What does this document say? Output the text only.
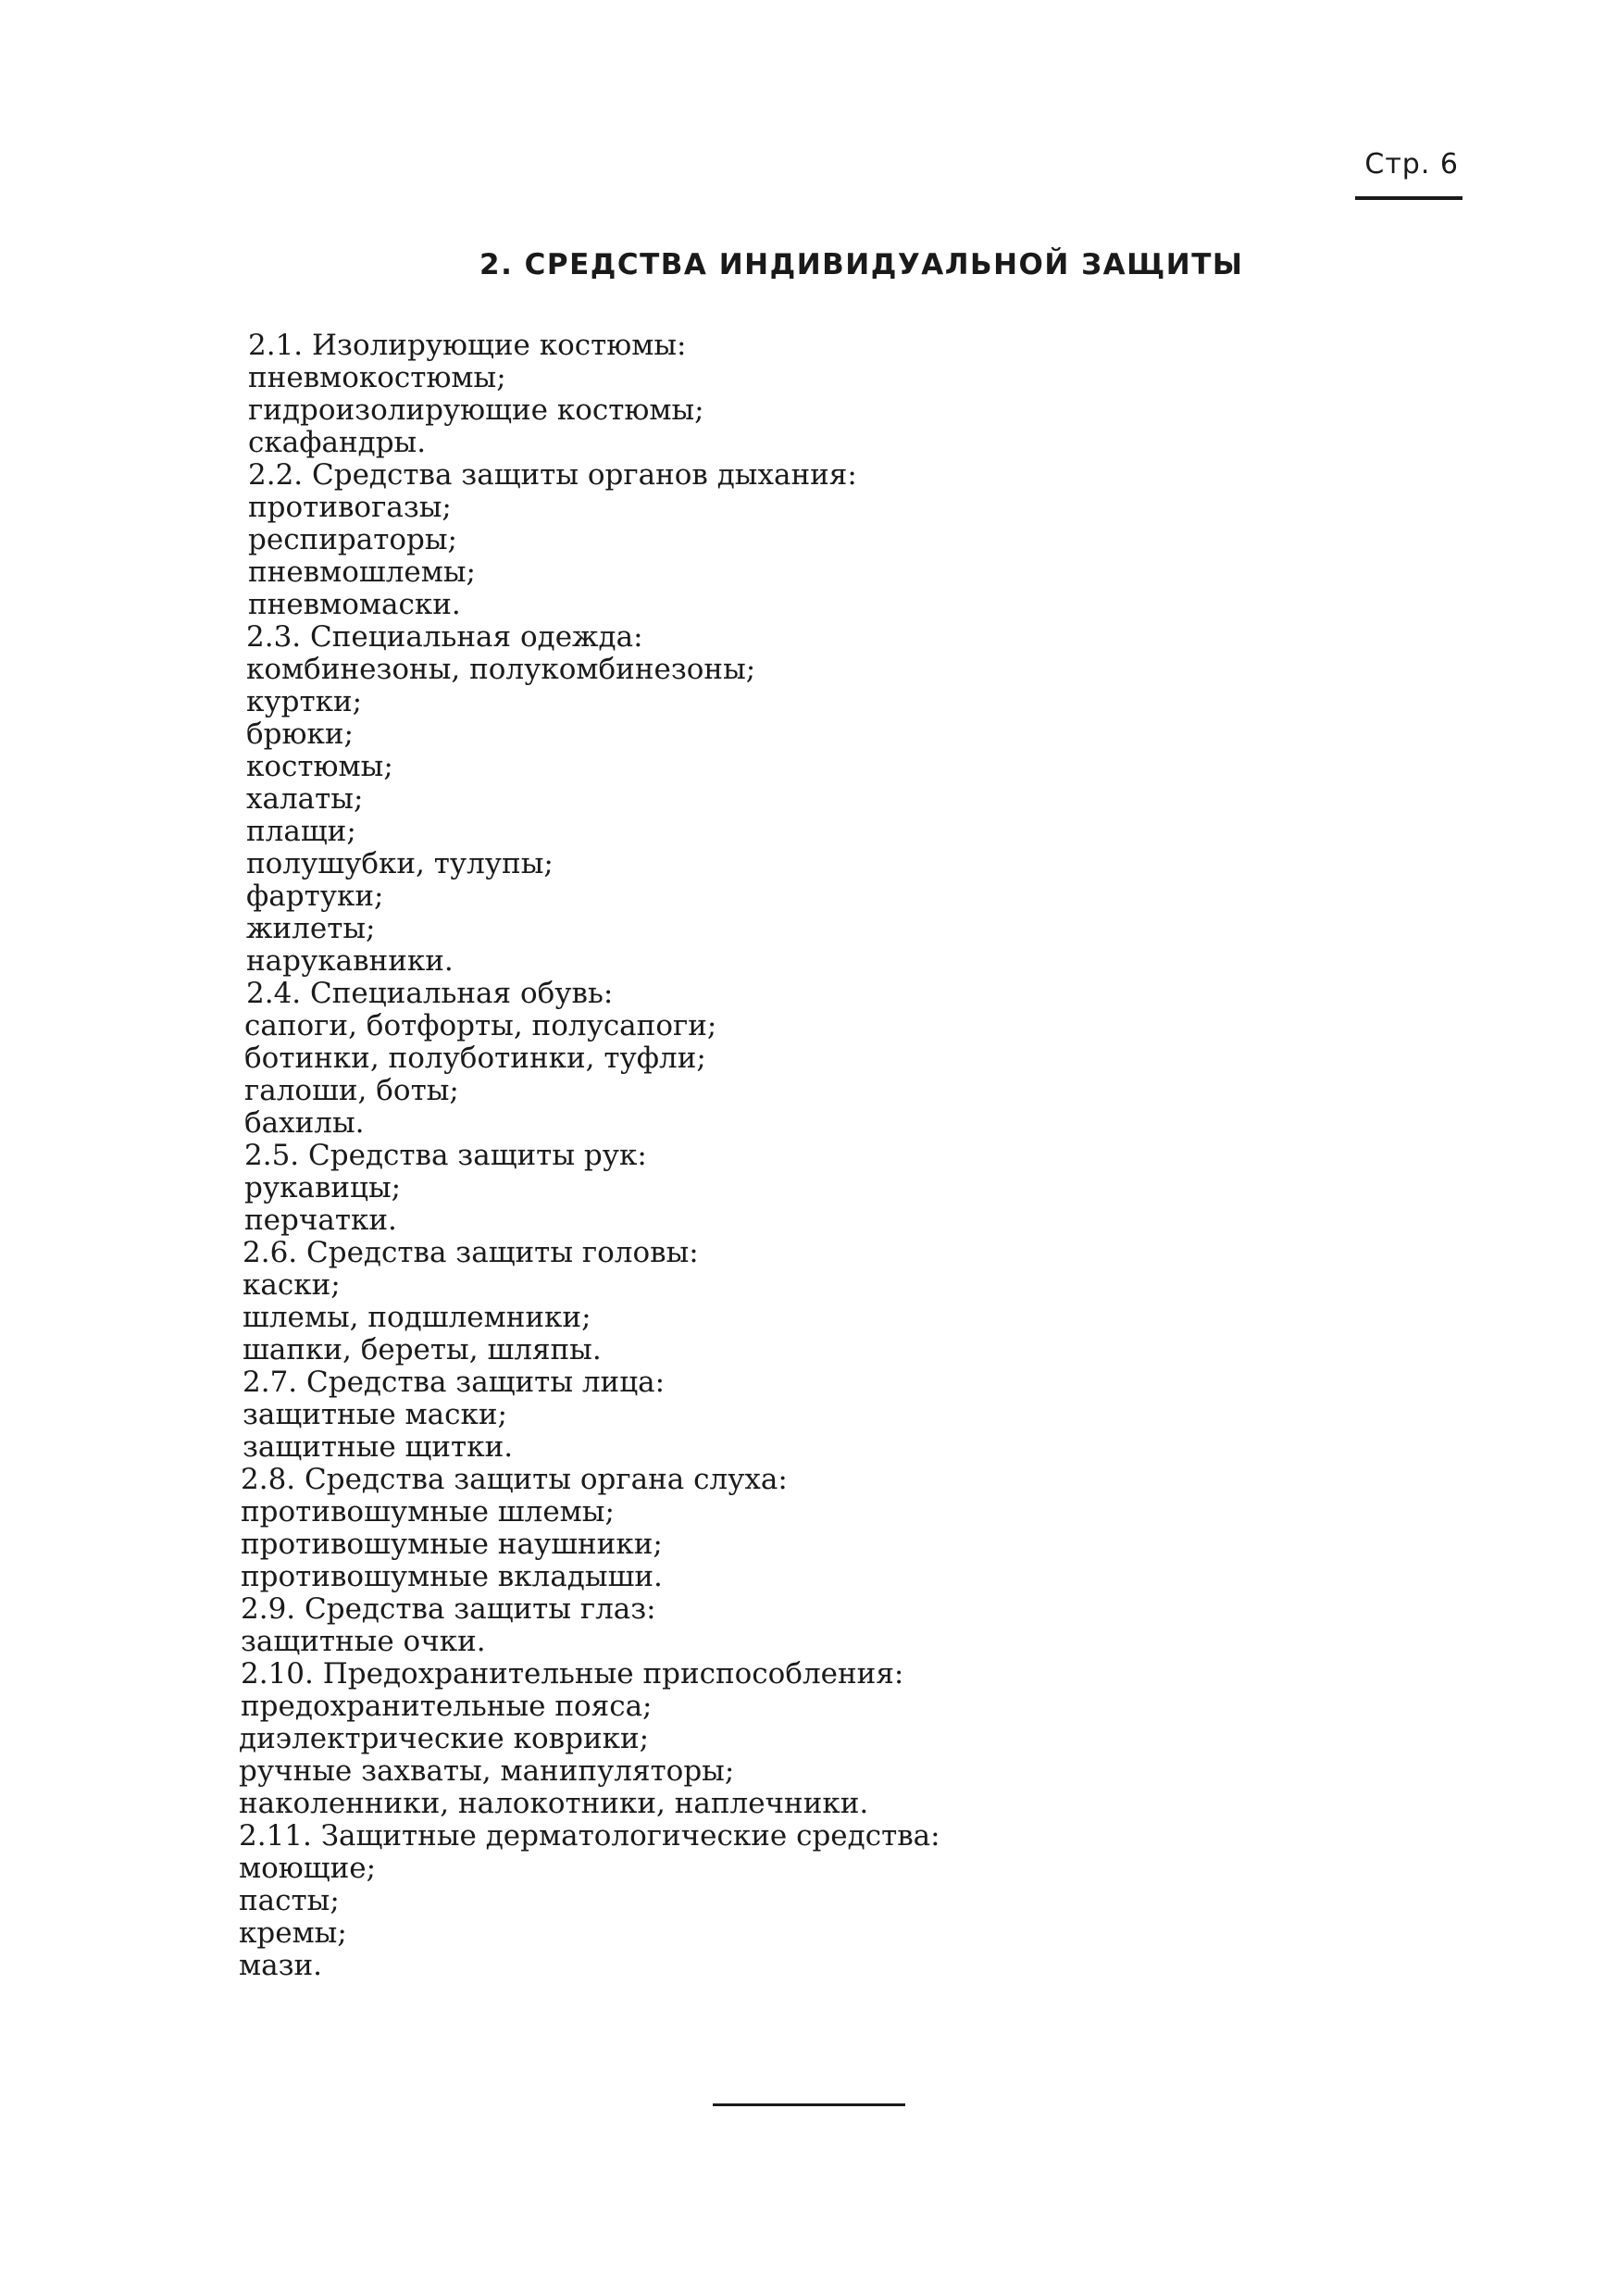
Стр. 6
2. СРЕДСТВА ИНДИВИДУАЛЬНОЙ ЗАЩИТЫ
2.1. Изолирующие костюмы:
пневмокостюмы;
гидроизолирующие костюмы;
скафандры.
2.2. Средства защиты органов дыхания:
противогазы;
респираторы;
пневмошлемы;
пневмомаски.
2.3. Специальная одежда:
комбинезоны, полукомбинезоны;
куртки;
брюки;
костюмы;
халаты;
плащи;
полушубки, тулупы;
фартуки;
жилеты;
нарукавники.
2.4. Специальная обувь:
сапоги, ботфорты, полусапоги;
ботинки, полуботинки, туфли;
галоши, боты;
бахилы.
2.5. Средства защиты рук:
рукавицы;
перчатки.
2.6. Средства защиты головы:
каски;
шлемы, подшлемники;
шапки, береты, шляпы.
2.7. Средства защиты лица:
защитные маски;
защитные щитки.
2.8. Средства защиты органа слуха:
противошумные шлемы;
противошумные наушники;
противошумные вкладыши.
2.9. Средства защиты глаз:
защитные очки.
2.10. Предохранительные приспособления:
предохранительные пояса;
диэлектрические коврики;
ручные захваты, манипуляторы;
наколенники, налокотники, наплечники.
2.11. Защитные дерматологические средства:
моющие;
пасты;
кремы;
мази.
